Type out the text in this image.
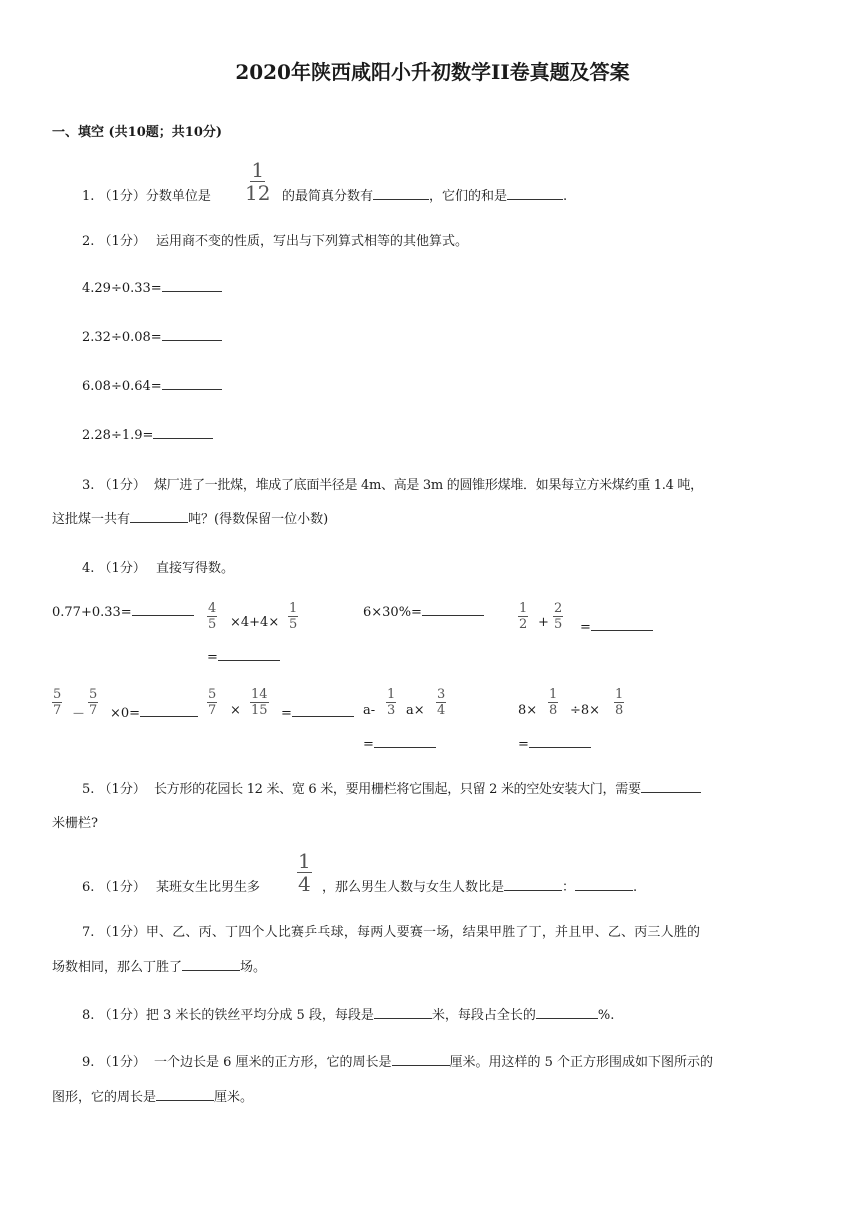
2020年陕西咸阳小升初数学II卷真题及答案
一、填空 (共10题；共10分)
1. （1分）分数单位是 $\frac{1}{12}$ 的最简真分数有	，它们的和是	.
2. （1分） 运用商不变的性质，写出与下列算式相等的其他算式。
4.29÷0.33=
2.32÷0.08=
6.08÷0.64=
2.28÷1.9=
3. （1分） 煤厂进了一批煤，堆成了底面半径是 4m、高是 3m 的圆锥形煤堆．如果每立方米煤约重 1.4 吨，
这批煤一共有	吨？(得数保留一位小数)
4. （1分） 直接写得数。
0.77+0.33=	$\frac{4}{5} \times 4+4\times \frac{1}{5}$
=
6×30%=	$\frac{1}{2} + \frac{2}{5}$ =
$\frac{5}{7} - \frac{5}{7} \times 0=$	$\frac{5}{7} \times \frac{14}{15}$ =	$a- \frac{1}{3} a\times \frac{3}{4}$
=
$8\times \frac{1}{8} \div 8\times \frac{1}{8}$
=
5. （1分） 长方形的花园长 12 米、宽 6 米，要用栅栏将它围起，只留 2 米的空处安装大门，需要
米栅栏?
6. （1分） 某班女生比男生多 $\frac{1}{4}$ ，那么男生人数与女生人数比是	：	.
7. （1分）甲、乙、丙、丁四个人比赛乒乓球，每两人要赛一场，结果甲胜了丁，并且甲、乙、丙三人胜的
场数相同，那么丁胜了	场。
8. （1分）把 3 米长的铁丝平均分成 5 段，每段是	米，每段占全长的	%.
9. （1分） 一个边长是 6 厘米的正方形，它的周长是	厘米。用这样的 5 个正方形围成如下图所示的
图形，它的周长是	厘米。
